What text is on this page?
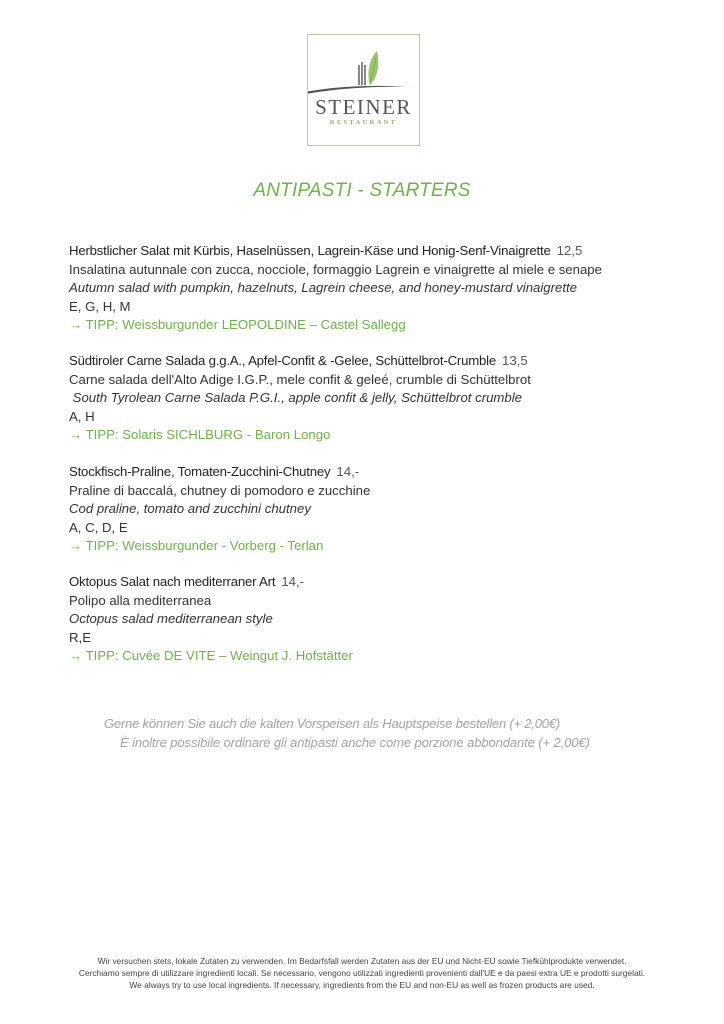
STEINER
RESTAURANT
ANTIPASTI - STARTERS
Herbstlicher Salat mit Kürbis, Haselnüssen, Lagrein-Käse und Honig-Senf-Vinaigrette 12,5
Insalatina autunnale con zucca, nocciole, formaggio Lagrein e vinaigrette al miele e senape
Autumn salad with pumpkin, hazelnuts, Lagrein cheese, and honey-mustard vinaigrette
E, G, H, M
→ TIPP: Weissburgunder LEOPOLDINE – Castel Sallegg
Südtiroler Carne Salada g.g.A., Apfel-Confit & -Gelee, Schüttelbrot-Crumble 13,5
Carne salada dell'Alto Adige I.G.P., mele confit & geleé, crumble di Schüttelbrot
South Tyrolean Carne Salada P.G.I., apple confit & jelly, Schüttelbrot crumble
A, H
→ TIPP: Solaris SICHLBURG - Baron Longo
Stockfisch-Praline, Tomaten-Zucchini-Chutney 14,-
Praline di baccalá, chutney di pomodoro e zucchine
Cod praline, tomato and zucchini chutney
A, C, D, E
→ TIPP: Weissburgunder - Vorberg - Terlan
Oktopus Salat nach mediterraner Art 14,-
Polipo alla mediterranea
Octopus salad mediterranean style
R,E
→ TIPP: Cuvée DE VITE – Weingut J. Hofstätter
Gerne können Sie auch die kalten Vorspeisen als Hauptspeise bestellen (+ 2,00€)
È inoltre possibile ordinare gli antipasti anche come porzione abbondante (+ 2,00€)
Wir versuchen stets, lokale Zutaten zu verwenden. Im Bedarfsfall werden Zutaten aus der EU und Nicht-EU sowie Tiefkühlprodukte verwendet.
Cerchiamo sempre di utilizzare ingredienti locali. Se necessario, vengono utilizzati ingredienti provenienti dall'UE e da paesi extra UE e prodotti surgelati.
We always try to use local ingredients. If necessary, ingredients from the EU and non-EU as well as frozen products are used.
